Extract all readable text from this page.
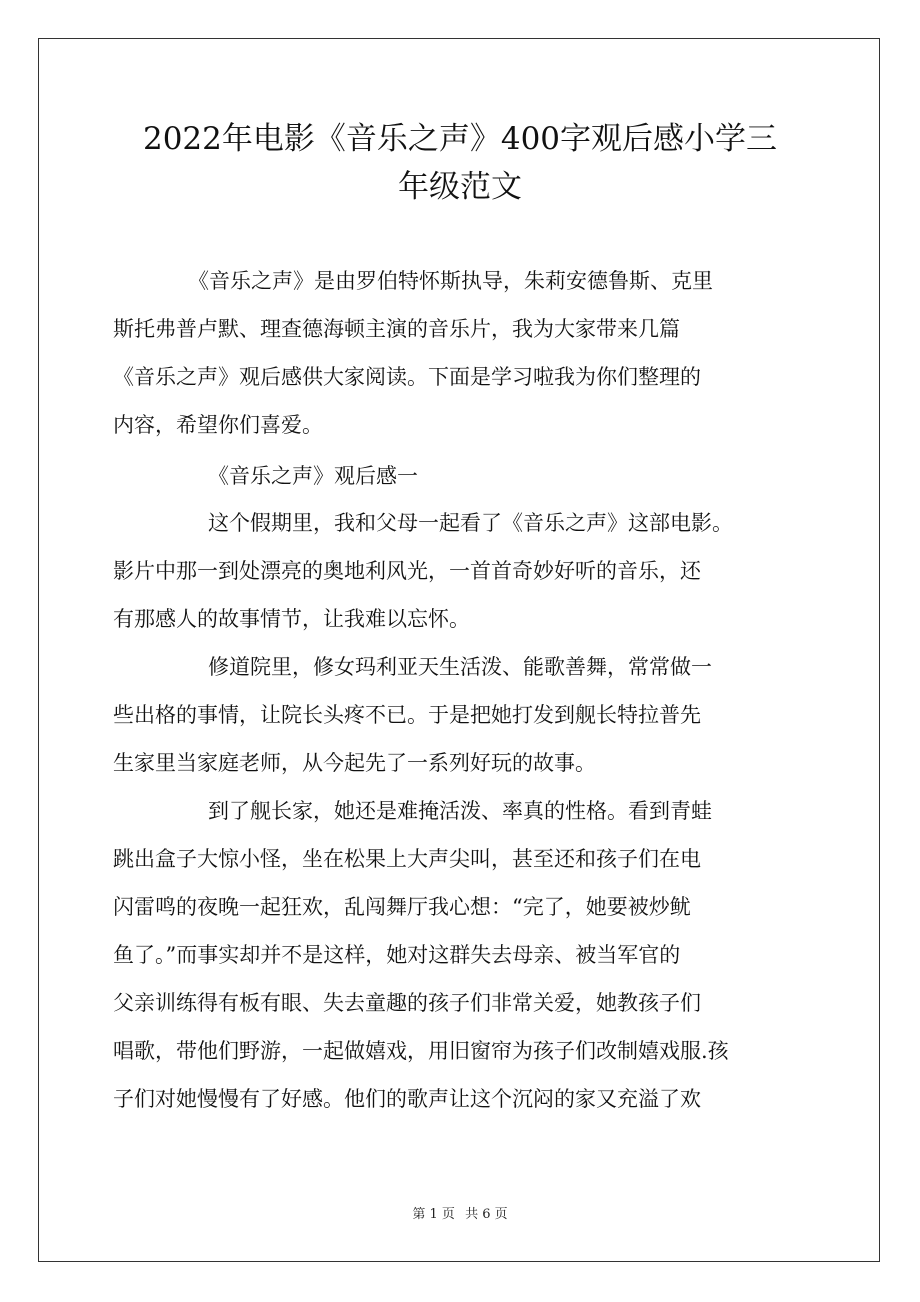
2022年电影《音乐之声》400字观后感小学三
年级范文

《音乐之声》是由罗伯特怀斯执导，朱莉安德鲁斯、克里

斯托弗普卢默、理查德海顿主演的音乐片，我为大家带来几篇

《音乐之声》观后感供大家阅读。下面是学习啦我为你们整理的

内容，希望你们喜爱。

《音乐之声》观后感一

这个假期里，我和父母一起看了《音乐之声》这部电影。

影片中那一到处漂亮的奥地利风光，一首首奇妙好听的音乐，还

有那感人的故事情节，让我难以忘怀。

修道院里，修女玛利亚天生活泼、能歌善舞，常常做一

些出格的事情，让院长头疼不已。于是把她打发到舰长特拉普先

生家里当家庭老师，从今起先了一系列好玩的故事。

到了舰长家，她还是难掩活泼、率真的性格。看到青蛙

跳出盒子大惊小怪，坐在松果上大声尖叫，甚至还和孩子们在电

闪雷鸣的夜晚一起狂欢，乱闯舞厅我心想：“完了，她要被炒鱿

鱼了。”而事实却并不是这样，她对这群失去母亲、被当军官的

父亲训练得有板有眼、失去童趣的孩子们非常关爱，她教孩子们

唱歌，带他们野游，一起做嬉戏，用旧窗帘为孩子们改制嬉戏服.孩

子们对她慢慢有了好感。他们的歌声让这个沉闷的家又充溢了欢

第 1 页 共 6 页
